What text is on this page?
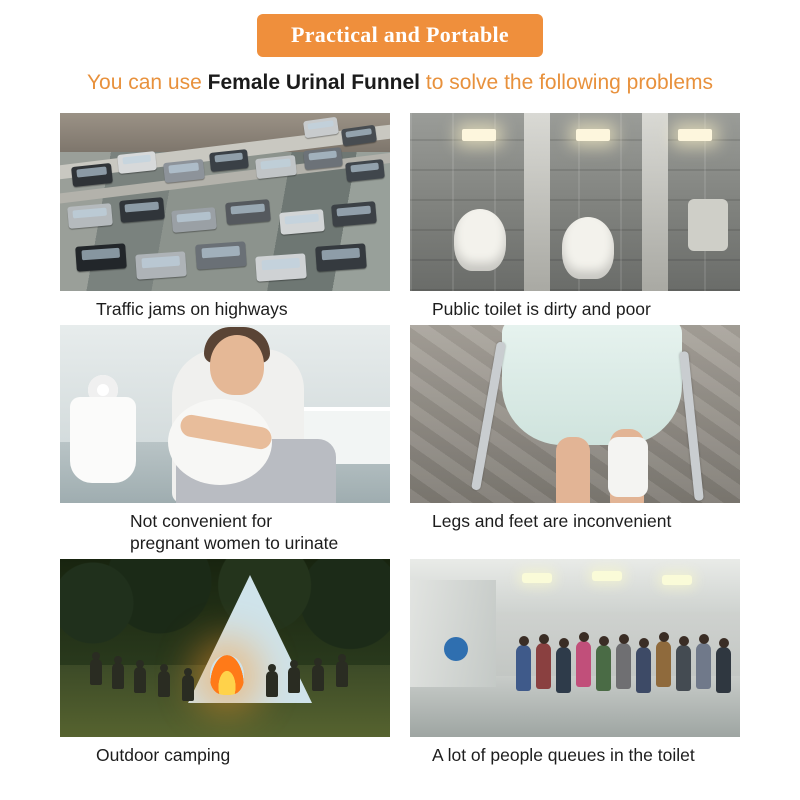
Practical and Portable
You can use Female Urinal Funnel to solve the following problems
Traffic jams on highways	Public toilet is dirty and poor
Not convenient for
pregnant women to urinate
Legs and feet are inconvenient
Outdoor camping	A lot of people queues in the toilet
